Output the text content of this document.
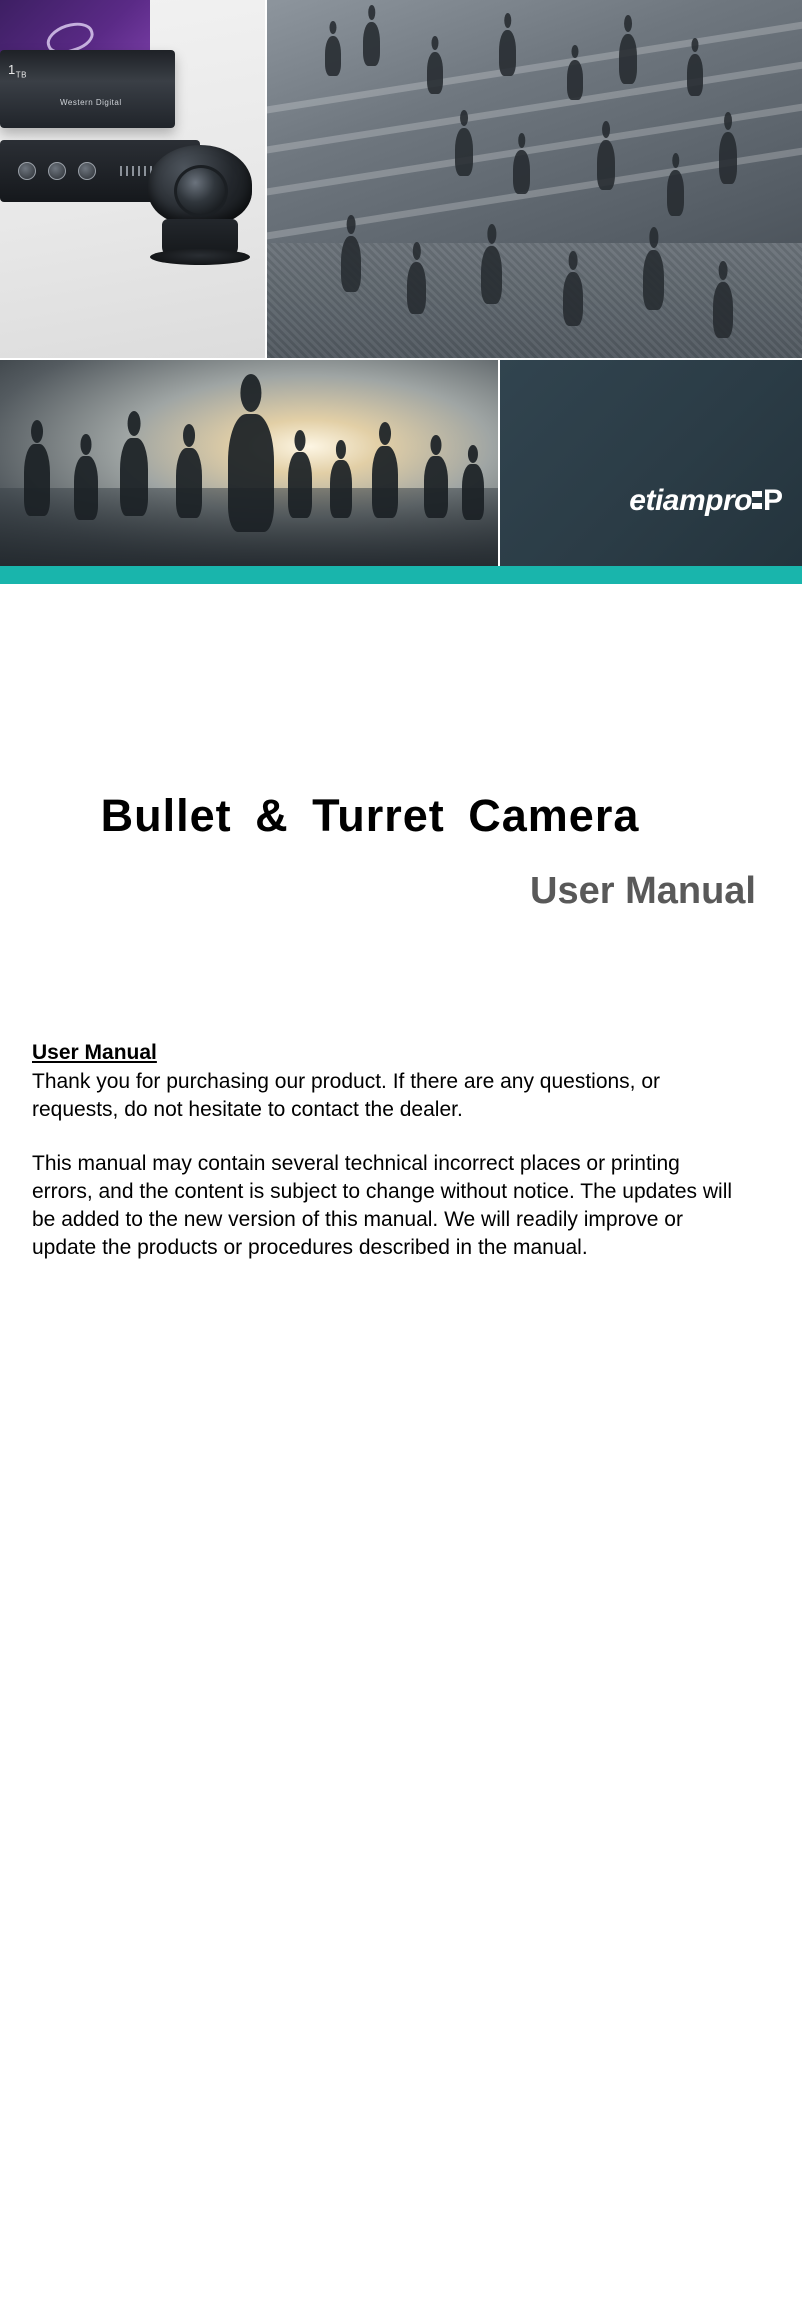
$1_{TB}$
Western Digital
etiampro P
Bullet & Turret Camera
User Manual

User Manual

Thank you for purchasing our product. If there are any questions, or requests, do not hesitate to contact the dealer.

This manual may contain several technical incorrect places or printing errors, and the content is subject to change without notice. The updates will be added to the new version of this manual. We will readily improve or update the products or procedures described in the manual.
